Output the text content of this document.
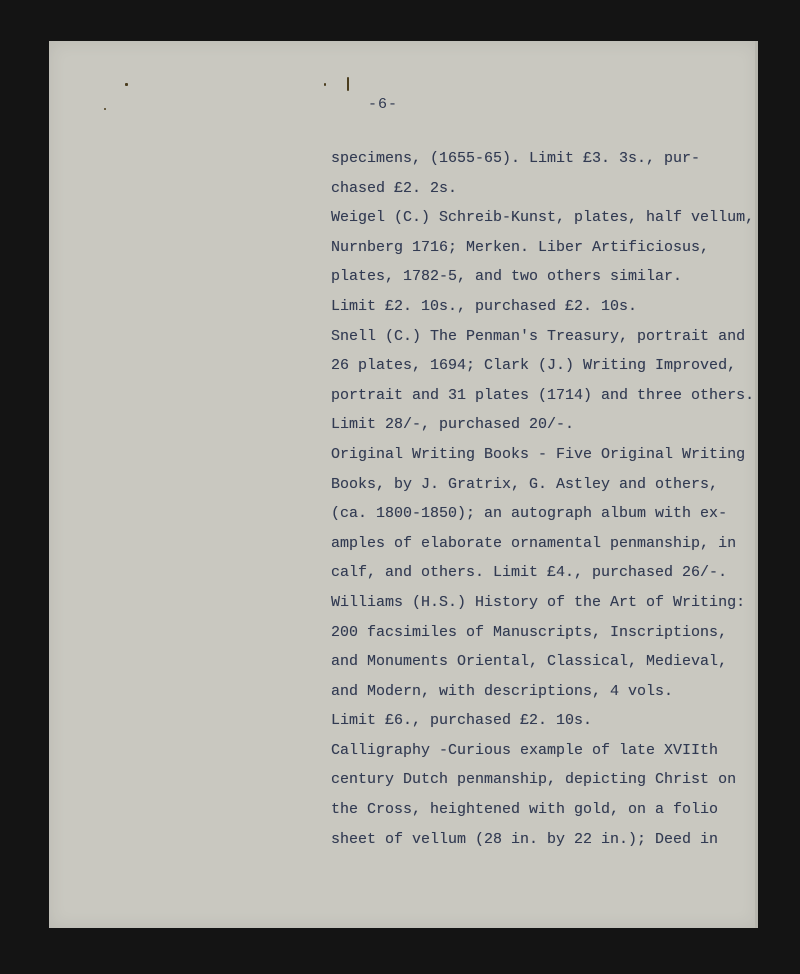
-6-
specimens, (1655-65). Limit £3. 3s., pur-
chased £2. 2s.
Weigel (C.) Schreib-Kunst, plates, half vellum,
Nurnberg 1716; Merken. Liber Artificiosus,
plates, 1782-5, and two others similar.
Limit £2. 10s., purchased £2. 10s.
Snell (C.) The Penman's Treasury, portrait and
26 plates, 1694; Clark (J.) Writing Improved,
portrait and 31 plates (1714) and three others.
Limit 28/-, purchased 20/-.
Original Writing Books - Five Original Writing
Books, by J. Gratrix, G. Astley and others,
(ca. 1800-1850); an autograph album with ex-
amples of elaborate ornamental penmanship, in
calf, and others. Limit £4., purchased 26/-.
Williams (H.S.) History of the Art of Writing:
200 facsimiles of Manuscripts, Inscriptions,
and Monuments Oriental, Classical, Medieval,
and Modern, with descriptions, 4 vols.
Limit £6., purchased £2. 10s.
Calligraphy -Curious example of late XVIIth
century Dutch penmanship, depicting Christ on
the Cross, heightened with gold, on a folio
sheet of vellum (28 in. by 22 in.); Deed in
